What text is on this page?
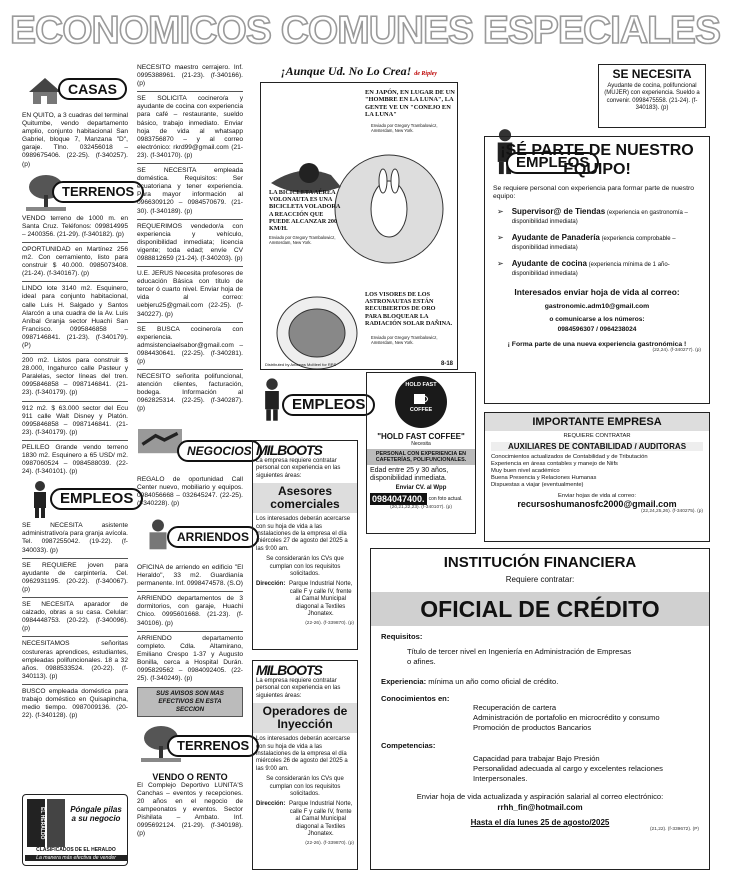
ECONOMICOS COMUNES ESPECIALES
CASAS

EN QUITO, a 3 cuadras del terminal Quitumbe, vendo departamento amplio, conjunto habitacional San Gabriel, bloque 7, Manzana "D", garaje. Tlno. 032456018 – 0989675406. (22-25). (f-340257). (p)

TERRENOS

VENDO terreno de 1000 m. en Santa Cruz. Teléfonos: 099814995 – 2400356. (21-29). (f-340182). (p)

OPORTUNIDAD en Martínez 256 m2. Con cerramiento, listo para construir $ 40.000. 0985073408. (21-24). (f-340167). (p)

LINDO lote 3140 m2. Esquinero, ideal para conjunto habitacional, calle Luis H. Salgado y Santos Alarcón a una cuadra de la Av. Luis Aníbal Granja sector Huachi San Francisco. 0995846858 – 0987146841. (21-23). (f-340179). (P)

200 m2. Listos para construir $ 28.000, Ingahurco calle Pasteur y Paralelas, sector líneas del tren. 0995846858 – 0987146841. (21-23). (f-340179). (p)

912 m2. $ 63.000 sector del Ecu 911 calle Walt Disney y Platón. 0995846858 – 0987146841. (21-23). (f-340179). (p)

PELILEO Grande vendo terreno 1830 m2. Esquinero a 65 USD/ m2. 0987060524 – 0984588039. (22-24). (f-340101). (p)

EMPLEOS

SE NECESITA asistente administrativo/a para granja avícola. Tel. 0987255042. (19-22). (f-340033). (p)

SE REQUIERE joven para ayudante de carpintería. Cel. 0962931195. (20-22). (f-340067). (p)

SE NECESITA aparador de calzado, obras a su casa. Celular: 0984448753. (20-22). (f-340096). (p)

NECESITAMOS señoritas costureras aprendices, estudiantes, empleadas polifuncionales. 18 a 32 años. 0988533524. (20-22). (f-340113). (p)

BUSCO empleada doméstica para trabajo doméstico en Quisapincha, medio tiempo. 0987009136. (20-22). (f-340128). (p)

EL HERALDO	Póngale pilas a su negocio
CLASIFICADOS DE EL HERALDO
La manera más efectiva de vender

NECESITO maestro cerrajero. Inf. 0995388961. (21-23). (f-340166). (p)

SE SOLICITA cocinero/a y ayudante de cocina con experiencia para café – restaurante, sueldo básico, trabajo inmediato. Enviar hoja de vida al whatsapp 0983756870 – y al correo electrónico: rkrd99@gmail.com (21-23). (f-340170). (p)

SE NECESITA empleada doméstica. Requisitos: Ser ecuatoriana y tener experiencia. Para mayor información al 0966309120 – 0984570679. (21-30). (f-340189). (p)

REQUERIMOS vendedor/a con experiencia y vehículo, disponibilidad inmediata; licencia vigente; toda edad; envíe CV 0988812659 (21-24). (f-340203). (p)

U.E. JERUS Necesita profesores de educación Básica con título de tercer ó cuarto nivel. Enviar hoja de vida al correo: uebjeru25@gmail.com (22-25). (f-340227). (p)

SE BUSCA cocinero/a con experiencia. admsistenciaelsabor@gmail.com – 0984430641. (22-25). (f-340281). (p)

NECESITO señorita polifuncional, atención clientes, facturación, bodega. Información al 0962825314. (22-25). (f-340287). (p)

NEGOCIOS

REGALO de oportunidad Call Center nuevo, mobiliario y equipos. 0984056668 – 032645247. (22-25). (f-340228). (p)

ARRIENDOS

OFICINA de arriendo en edificio "El Heraldo", 33 m2. Guardianía permanente. Inf. 0998474578. (S.O)

ARRIENDO departamentos de 3 dormitorios, con garaje, Huachi Chico. 0995601668. (21-23). (f-340106). (p)

ARRIENDO departamento completo. Cdla. Altamirano, Emiliano Crespo 1-37 y Augusto Bonilla, cerca a Hospital Durán. 0995829562 – 0984092405. (22-25). (f-340249). (p)

SUS AVISOS SON MAS EFECTIVOS EN ESTA SECCION
TERRENOS
VENDO O RENTO

El Complejo Deportivo LUNITA'S Canchas – eventos y recepciones. 20 años en el negocio de campeonatos y eventos. Sector Pishilata – Ambato. Inf. 0995692124. (21-29). (f-340198). (p)

¡Aunque Ud. No Lo Crea! de Ripley
EN JAPÓN, EN LUGAR DE UN "HOMBRE EN LA LUNA", LA GENTE VE UN "CONEJO EN LA LUNA"
Enviado por Gregory Trambalowicz, Amsterdam, New York.
LA BICICLETA AÉREA VOLONAUTA ES UNA BICICLETA VOLADORA A REACCIÓN QUE PUEDE ALCANZAR 200 KM/H.
Enviado por Gregory Trambalowicz, Amsterdam, New York.
LOS VISORES DE LOS ASTRONAUTAS ESTÁN RECUBIERTOS DE ORO PARA BLOQUEAR LA RADIACIÓN SOLAR DAÑINA.
Enviado por Gregory Trambalowicz, Amsterdam, New York.
Distributed by Andrews McMeel for RPS	8-18
EMPLEOS
MILBOOTS
La empresa requiere contratar personal con experiencia en las siguientes áreas:
Asesores comerciales
Los interesados deberán acercarse con su hoja de vida a las instalaciones de la empresa el día miércoles 27 de agosto del 2025 a las 9:00 am.
Se considerarán los CVs que cumplan con los requisitos solicitados.
Dirección: Parque Industrial Norte, calle F y calle IV, frente al Camal Municipal diagonal a Textiles Jhonatex.
(22-26). (f-339870). (p)
MILBOOTS
La empresa requiere contratar personal con experiencia en las siguientes áreas:
Operadores de Inyección
Los interesados deberán acercarse con su hoja de vida a las instalaciones de la empresa el día miércoles 26 de agosto del 2025 a las 9:00 am.
Se considerarán los CVs que cumplan con los requisitos solicitados.
Dirección: Parque Industrial Norte, calle F y calle IV, frente al Camal Municipal diagonal a Textiles Jhonatex.
(22-26). (f-339870). (p)
HOLD FAST
COFFEE
"HOLD FAST COFFEE"
Necesita
PERSONAL CON EXPERIENCIA EN CAFETERÍAS, POLIFUNCIONALES.
Edad entre 25 y 30 años, disponibilidad inmediata.
Enviar CV. al Wpp
0984047400. con foto actual.
(20,21,22,23). (f-340107). (p)
EMPLEOS
SE NECESITA
Ayudante de cocina, polifuncional (MUJER) con experiencia. Sueldo a convenir. 0998475558. (21-24). (f-340183). (p)
¡SÉ PARTE DE NUESTRO EQUIPO!
Se requiere personal con experiencia para formar parte de nuestro equipo:
➢ Supervisor@ de Tiendas (experiencia en gastronomía – disponibilidad inmediata)
➢ Ayudante de Panadería (experiencia comprobable – disponibilidad inmediata)
➢ Ayudante de cocina (experiencia mínima de 1 año- disponibilidad inmediata)
Interesados enviar hoja de vida al correo:
gastronomic.adm10@gmail.com
o comunicarse a los números:
0984596307 / 0964238024
¡ Forma parte de una nueva experiencia gastronómica !
(22,24). (f-340277). (p)
IMPORTANTE EMPRESA
REQUIERE CONTRATAR
AUXILIARES DE CONTABILIDAD / AUDITORAS
Conocimientos actualizados de Contabilidad y de Tributación
Experiencia en áreas contables y manejo de Niifs
Muy buen nivel académico
Buena Presencia y Relaciones Humanas
Dispuestas a viajar (eventualmente)
Enviar hojas de vida al correo:
recursoshumanosfc2000@gmail.com
(22,24,25,26). (f-340275). (p)
INSTITUCIÓN FINANCIERA
Requiere contratar:
OFICIAL DE CRÉDITO
Requisitos:
Título de tercer nivel en Ingeniería en Administración de Empresas o afines.
Experiencia: mínima un año como oficial de crédito.
Conocimientos en:
Recuperación de cartera
Administración de portafolio en microcrédito y consumo
Promoción de productos Bancarios
Competencias:
Capacidad para trabajar Bajo Presión
Personalidad adecuada al cargo y excelentes relaciones Interpersonales.
Enviar hoja de vida actualizada y aspiración salarial al correo electrónico:
rrhh_fin@hotmail.com
Hasta el día lunes 25 de agosto/2025
(21,22). (f-339672). (P)
